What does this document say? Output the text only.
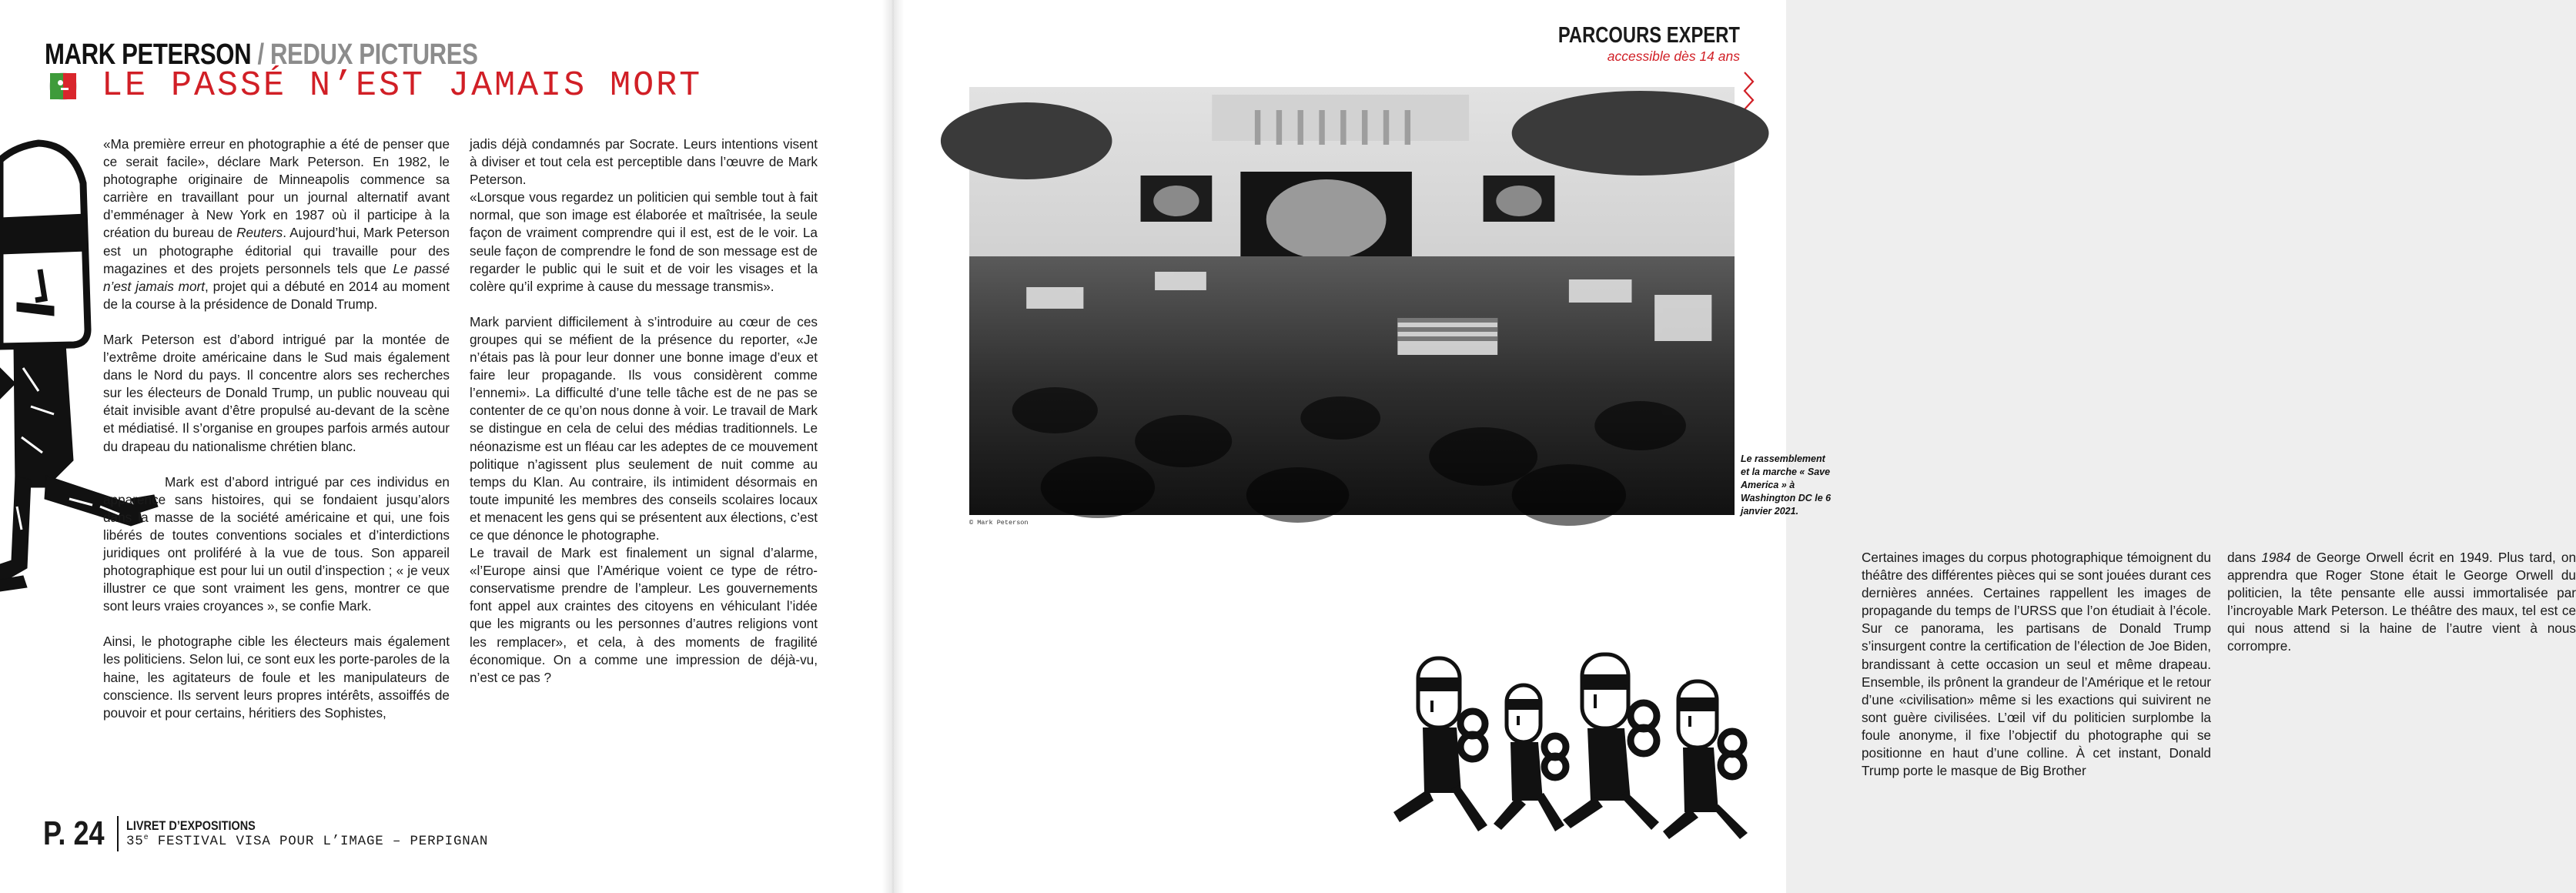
MARK PETERSON / REDUX PICTURES
LE PASSÉ N’EST JAMAIS MORT

«Ma première erreur en photographie a été de penser que ce serait facile», déclare Mark Peterson. En 1982, le photographe originaire de Minneapolis commence sa carrière en travaillant pour un journal alternatif avant d’emménager à New York en 1987 où il participe à la création du bureau de Reuters. Aujourd’hui, Mark Peterson est un photographe éditorial qui travaille pour des magazines et des projets personnels tels que Le passé n’est jamais mort, projet qui a débuté en 2014 au moment de la course à la présidence de Donald Trump.

Mark Peterson est d’abord intrigué par la montée de l’extrême droite américaine dans le Sud mais également dans le Nord du pays. Il concentre alors ses recherches sur les électeurs de Donald Trump, un public nouveau qui était invisible avant d’être propulsé au-devant de la scène et médiatisé. Il s’organise en groupes parfois armés autour du drapeau du nationalisme chrétien blanc.

Mark est d’abord intrigué par ces individus en apparence sans histoires, qui se fondaient jusqu’alors dans la masse de la société américaine et qui, une fois libérés de toutes conventions sociales et d’interdictions juridiques ont proliféré à la vue de tous. Son appareil photographique est pour lui un outil d’inspection ; « je veux illustrer ce que sont vraiment les gens, montrer ce que sont leurs vraies croyances », se confie Mark.

Ainsi, le photographe cible les électeurs mais également les politiciens. Selon lui, ce sont eux les porte-paroles de la haine, les agitateurs de foule et les manipulateurs de conscience. Ils servent leurs propres intérêts, assoiffés de pouvoir et pour certains, héritiers des Sophistes,

jadis déjà condamnés par Socrate. Leurs intentions visent à diviser et tout cela est perceptible dans l’œuvre de Mark Peterson.

«Lorsque vous regardez un politicien qui semble tout à fait normal, que son image est élaborée et maîtrisée, la seule façon de vraiment comprendre qui il est, est de le voir. La seule façon de comprendre le fond de son message est de regarder le public qui le suit et de voir les visages et la colère qu’il exprime à cause du message transmis».

Mark parvient difficilement à s’introduire au cœur de ces groupes qui se méfient de la présence du reporter, «Je n’étais pas là pour leur donner une bonne image d’eux et faire leur propagande. Ils vous considèrent comme l’ennemi». La difficulté d’une telle tâche est de ne pas se contenter de ce qu’on nous donne à voir. Le travail de Mark se distingue en cela de celui des médias traditionnels. Le néonazisme est un fléau car les adeptes de ce mouvement politique n’agissent plus seulement de nuit comme au temps du Klan. Au contraire, ils intimident désormais en toute impunité les membres des conseils scolaires locaux et menacent les gens qui se présentent aux élections, c’est ce que dénonce le photographe.

Le travail de Mark est finalement un signal d’alarme, «l’Europe ainsi que l’Amérique voient ce type de rétro-conservatisme prendre de l’ampleur. Les gouvernements font appel aux craintes des citoyens en véhiculant l’idée que les migrants ou les personnes d’autres religions vont les remplacer», et cela, à des moments de fragilité économique. On a comme une impression de déjà-vu, n’est ce pas ?

P. 24 LIVRET D’EXPOSITIONS
35e FESTIVAL VISA POUR L’IMAGE – PERPIGNAN
PARCOURS EXPERT
accessible dès 14 ans
© Mark Peterson
Le rassemblement et la marche « Save America » à Washington DC le 6 janvier 2021.

Certaines images du corpus photographique témoignent du théâtre des différentes pièces qui se sont jouées durant ces dernières années. Certaines rappellent les images de propagande du temps de l’URSS que l’on étudiait à l’école. Sur ce panorama, les partisans de Donald Trump s’insurgent contre la certification de l’élection de Joe Biden, brandissant à cette occasion un seul et même drapeau. Ensemble, ils prônent la grandeur de l’Amérique et le retour d’une «civilisation» même si les exactions qui suivirent ne sont guère civilisées. L’œil vif du politicien surplombe la foule anonyme, il fixe l’objectif du photographe qui se positionne en haut d’une colline. À cet instant, Donald Trump porte le masque de Big Brother

dans 1984 de George Orwell écrit en 1949. Plus tard, on apprendra que Roger Stone était le George Orwell du politicien, la tête pensante elle aussi immortalisée par l’incroyable Mark Peterson. Le théâtre des maux, tel est ce qui nous attend si la haine de l’autre vient à nous corrompre.
